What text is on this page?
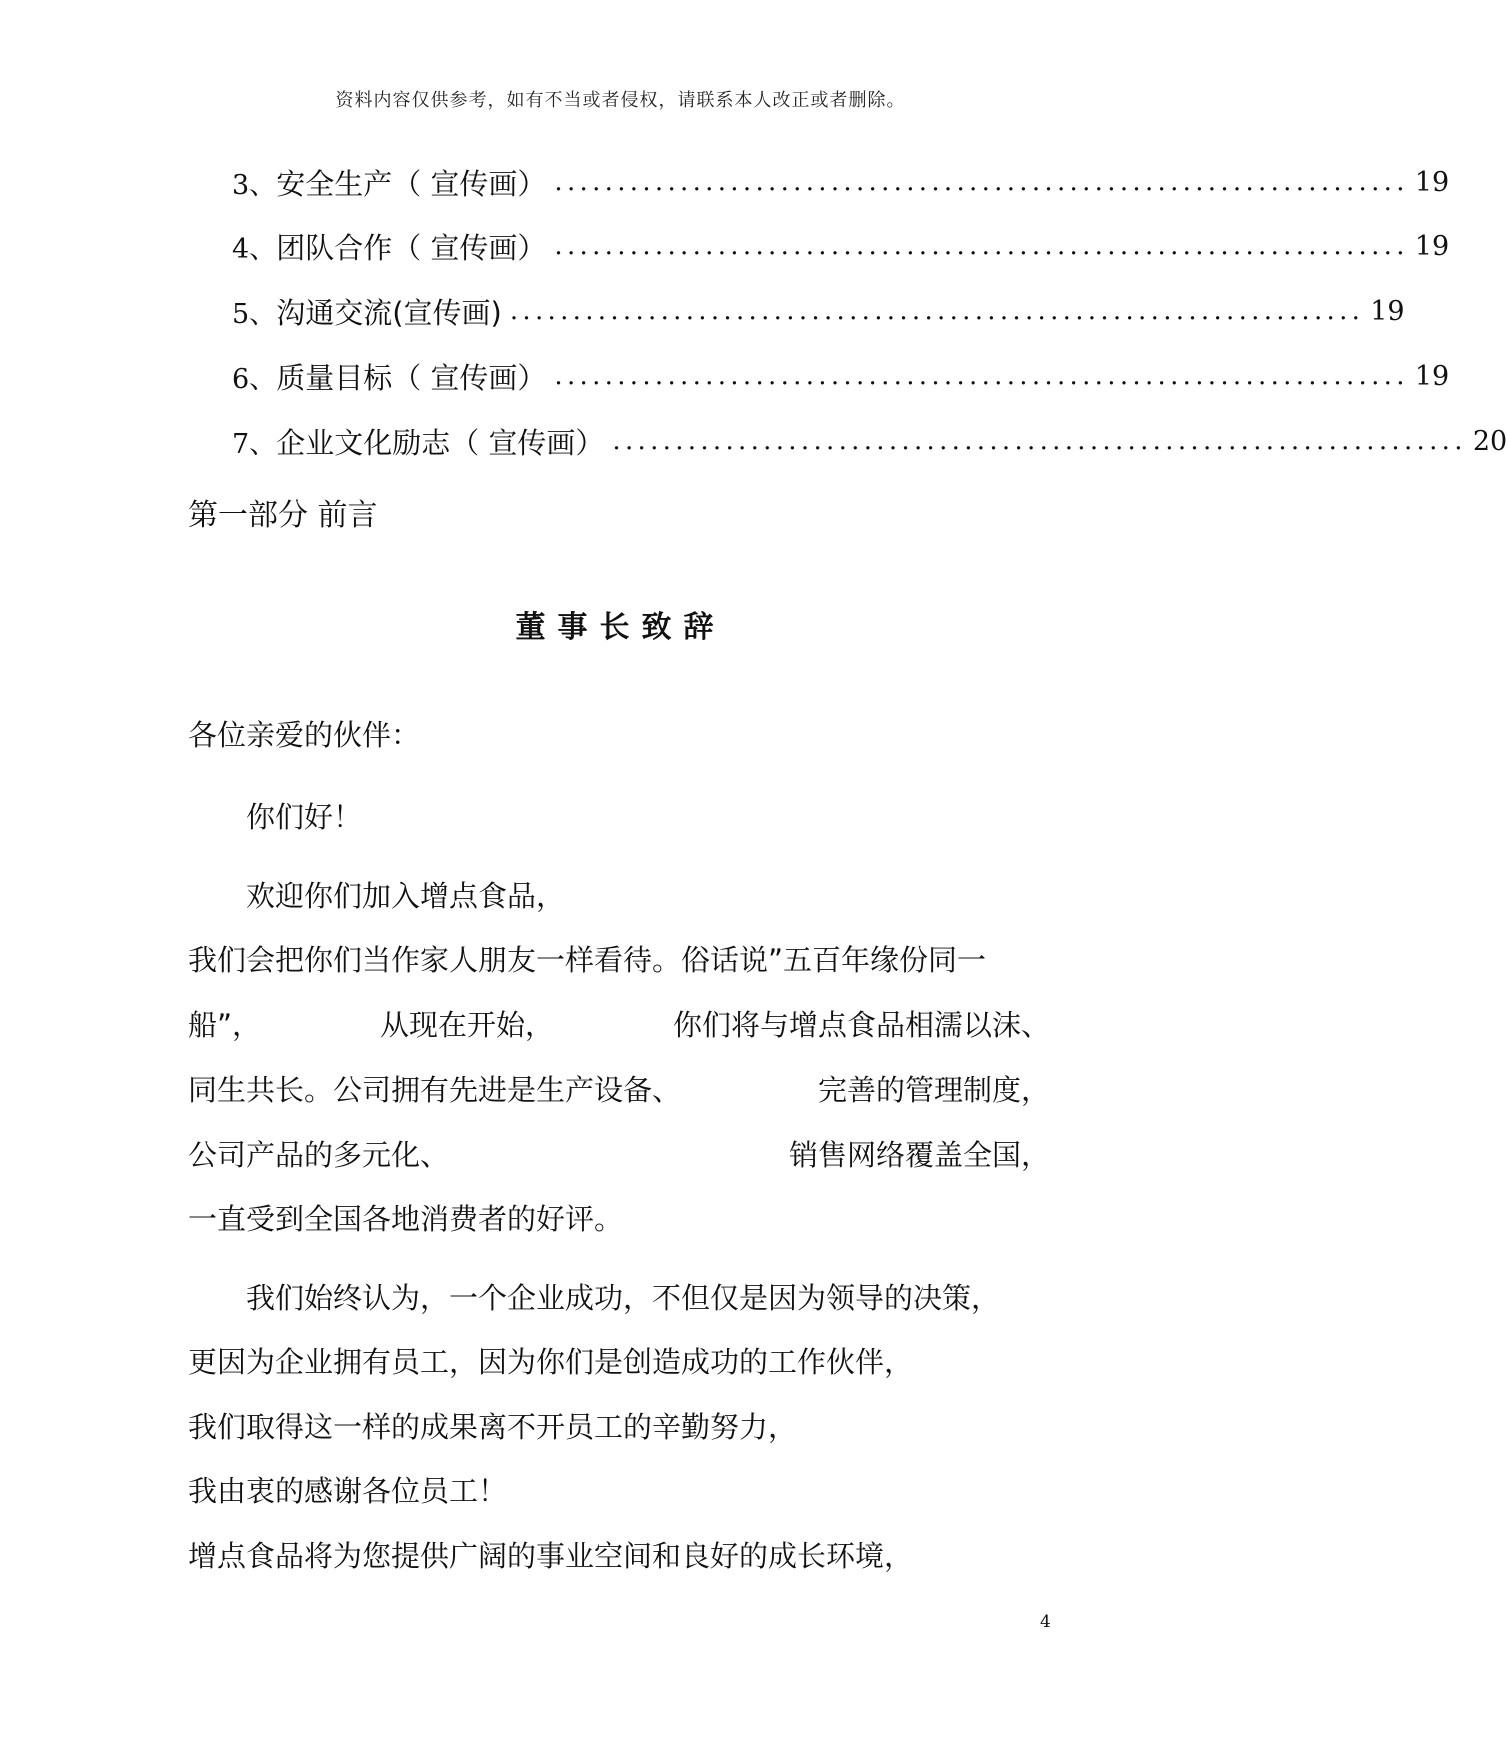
资料内容仅供参考，如有不当或者侵权，请联系本人改正或者删除。
3、 安全生产（ 宣传画） .................................................................... 19
4、 团队合作（ 宣传画） .................................................................... 19
5、 沟通交流(宣传画) .................................................................... 19
6、 质量目标（ 宣传画） .................................................................... 19
7、 企业文化励志（ 宣传画） .................................................................... 20
第一部分 前言
董事长致辞
各位亲爱的伙伴：
你们好！
欢迎你们加入增点食品，
我们会把你们当作家人朋友一样看待。俗话说”五百年缘份同一
船”，	从现在开始，	你们将与增点食品相濡以沫、
同生共长。公司拥有先进是生产设备、	完善的管理制度，
公司产品的多元化、	销售网络覆盖全国，
一直受到全国各地消费者的好评。
我们始终认为，一个企业成功，不但仅是因为领导的决策，
更因为企业拥有员工，因为你们是创造成功的工作伙伴，
我们取得这一样的成果离不开员工的辛勤努力，
我由衷的感谢各位员工！
增点食品将为您提供广阔的事业空间和良好的成长环境，
4
